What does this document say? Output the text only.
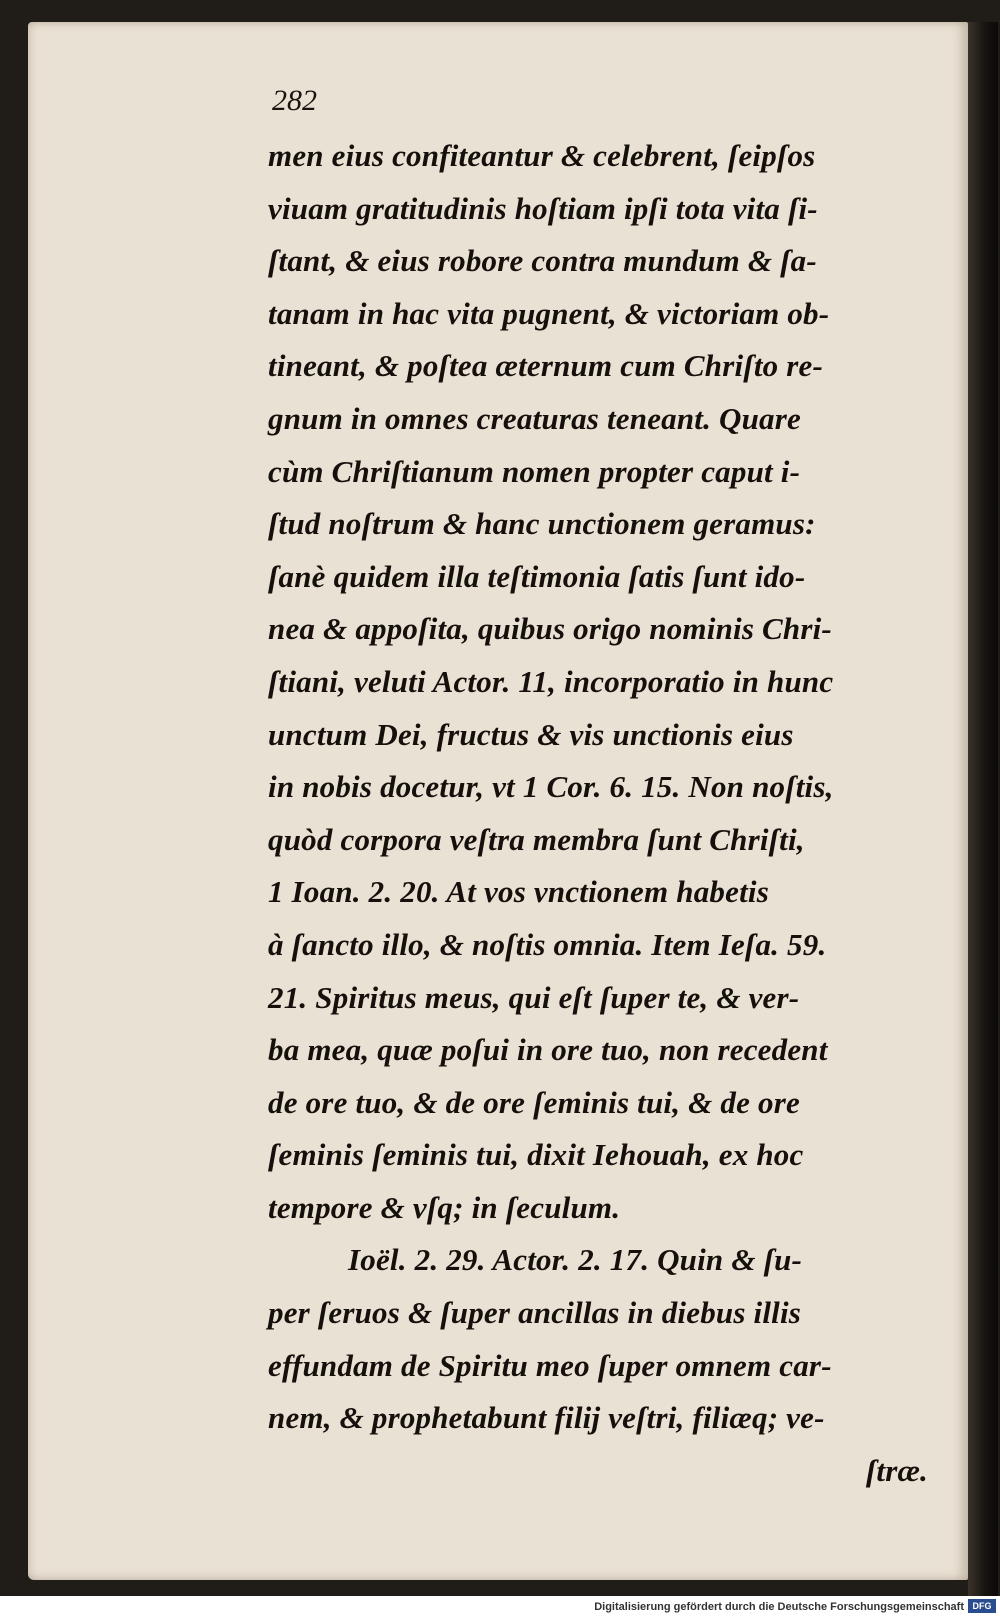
282
men eius confiteantur & celebrent, ſeipſos
viuam gratitudinis hoſtiam ipſi tota vita ſi-
ſtant, & eius robore contra mundum & ſa-
tanam in hac vita pugnent, & victoriam ob-
tineant, & poſtea æternum cum Chriſto re-
gnum in omnes creaturas teneant. Quare
cùm Chriſtianum nomen propter caput i-
ſtud noſtrum & hanc unctionem geramus:
ſanè quidem illa teſtimonia ſatis ſunt ido-
nea & appoſita, quibus origo nominis Chri-
ſtiani, veluti Actor. 11, incorporatio in hunc
unctum Dei, fructus & vis unctionis eius
in nobis docetur, vt 1 Cor. 6. 15. Non noſtis,
quòd corpora veſtra membra ſunt Chriſti,
1 Ioan. 2. 20. At vos vnctionem habetis
à ſancto illo, & noſtis omnia. Item Ieſa. 59.
21. Spiritus meus, qui eſt ſuper te, & ver-
ba mea, quæ poſui in ore tuo, non recedent
de ore tuo, & de ore ſeminis tui, & de ore
ſeminis ſeminis tui, dixit Iehouah, ex hoc
tempore & vſq; in ſeculum.
Ioël. 2. 29. Actor. 2. 17. Quin & ſu-
per ſeruos & ſuper ancillas in diebus illis
effundam de Spiritu meo ſuper omnem car-
nem, & prophetabunt filij veſtri, filiæq; ve-
ſtræ.
Digitalisierung gefördert durch die Deutsche Forschungsgemeinschaft DFG
